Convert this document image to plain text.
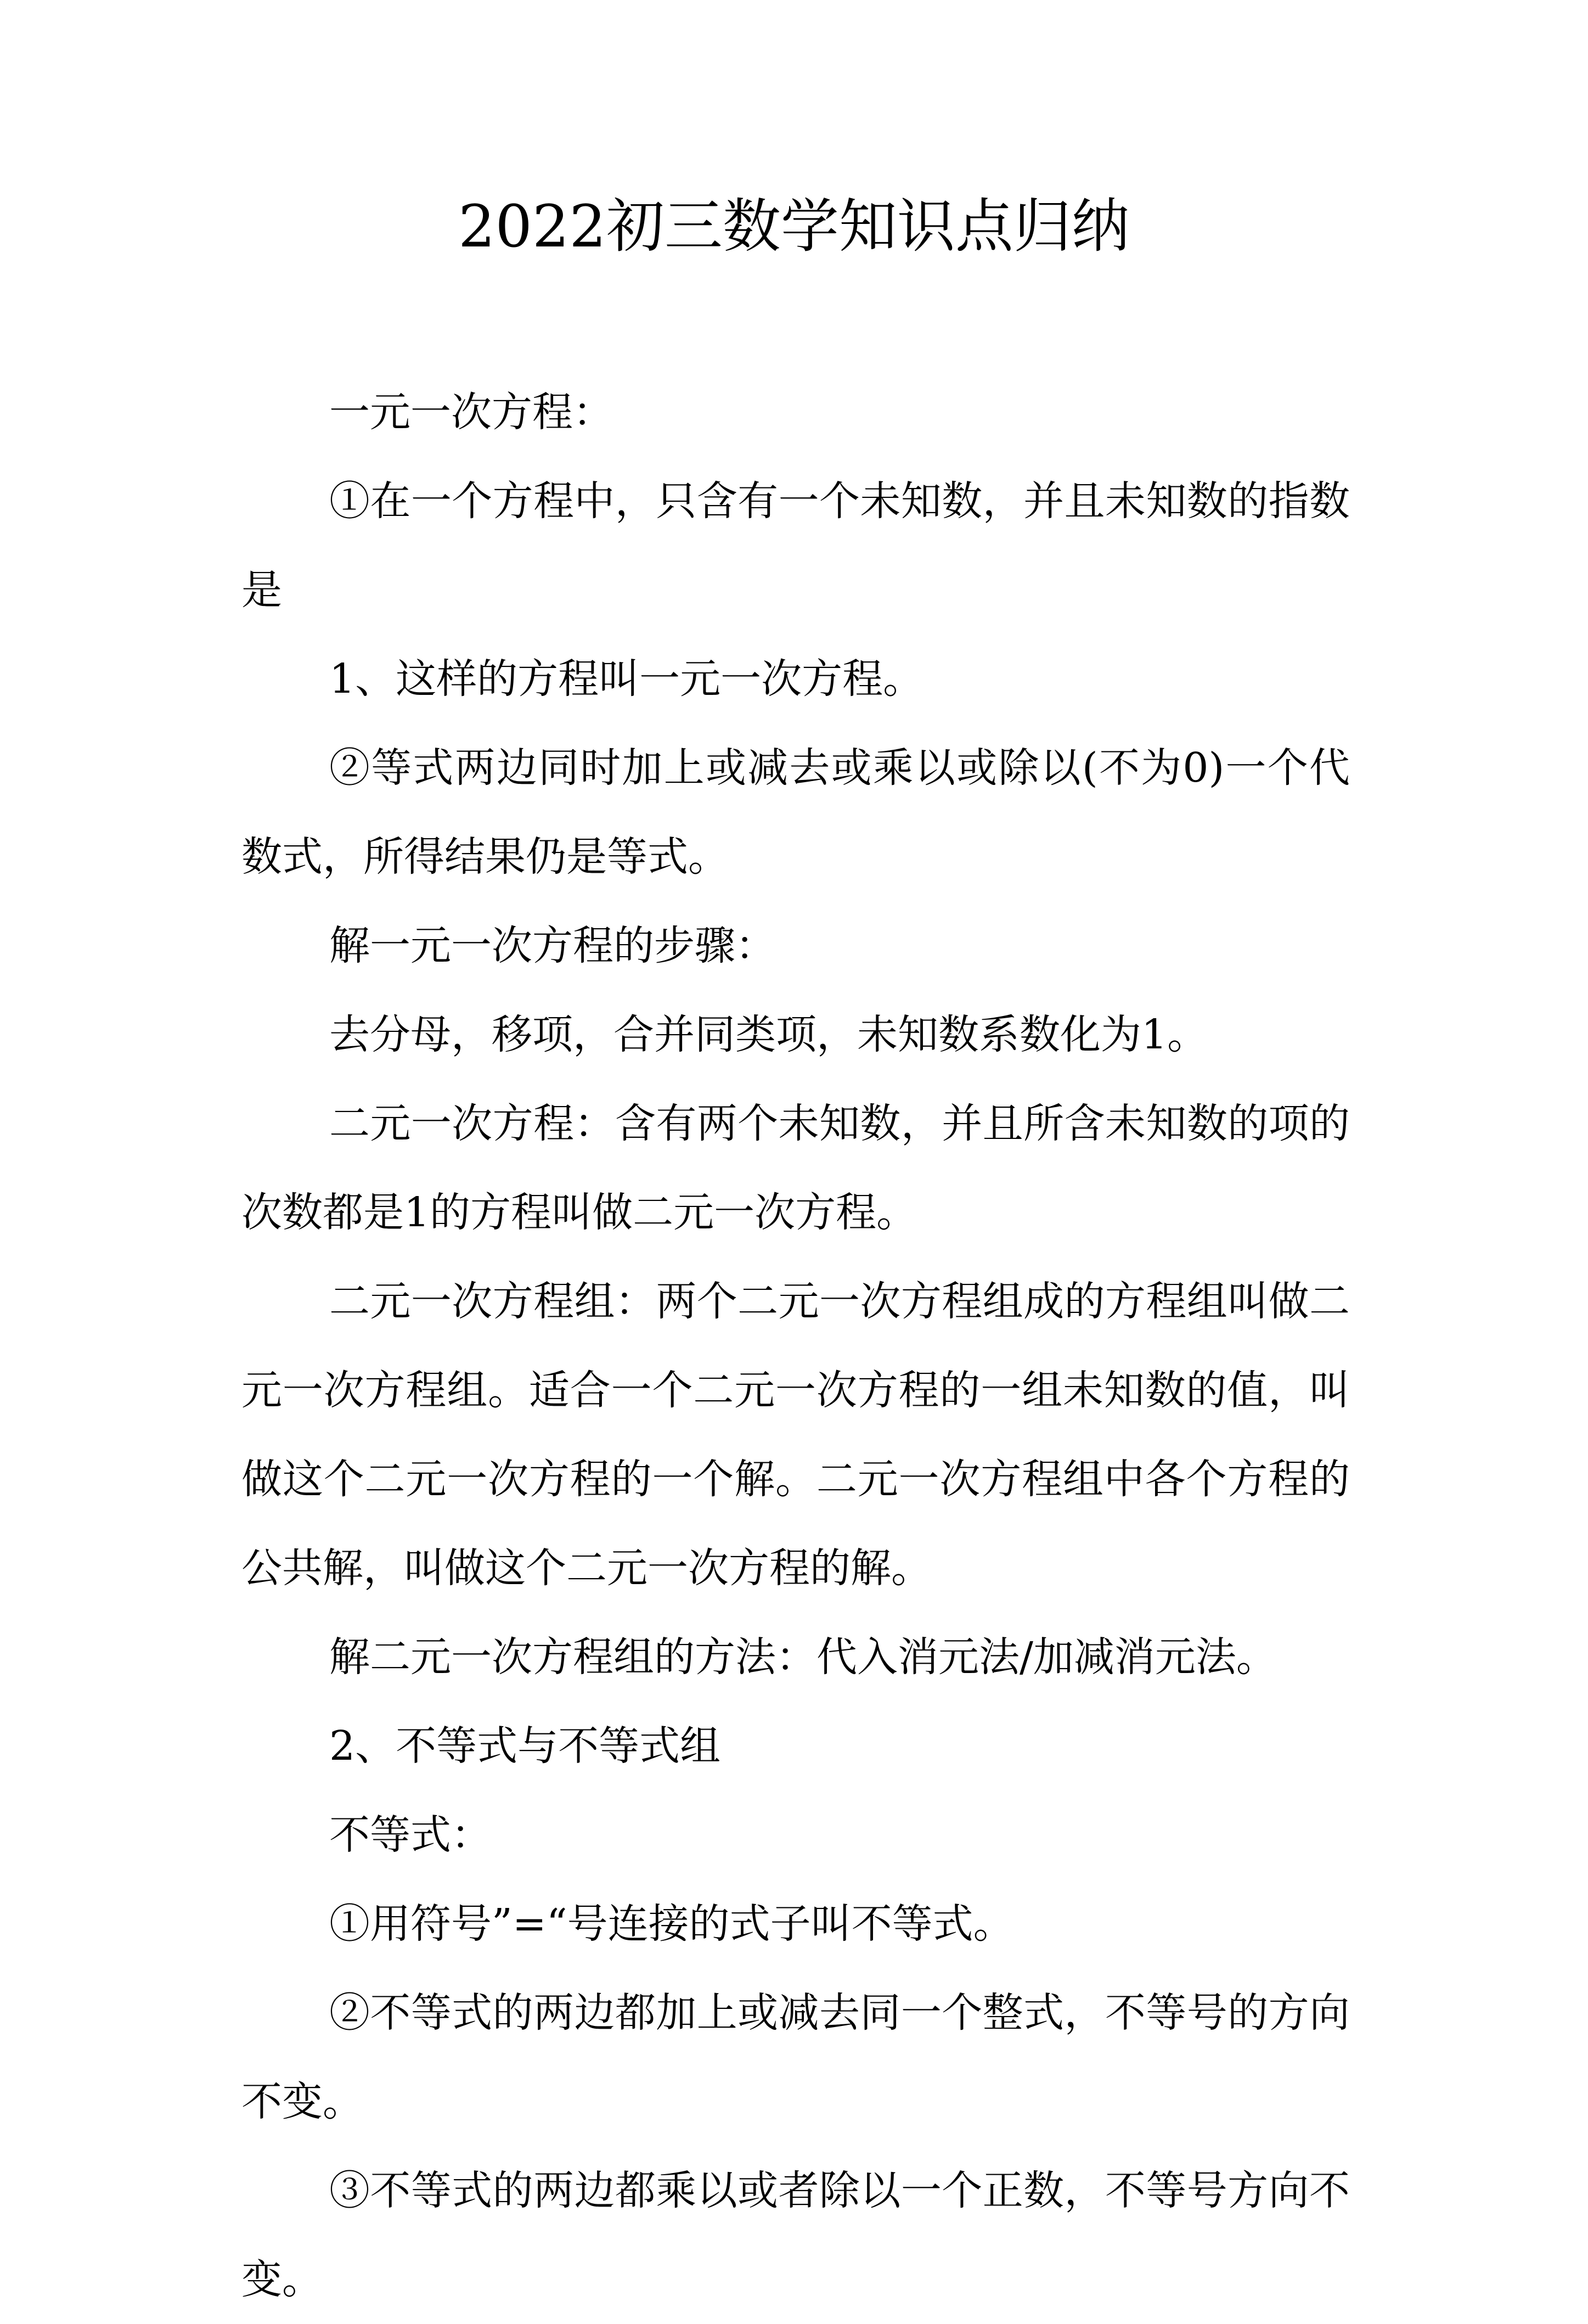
2022初三数学知识点归纳

一元一次方程：

①在一个方程中，只含有一个未知数，并且未知数的指数是

1、这样的方程叫一元一次方程。

②等式两边同时加上或减去或乘以或除以(不为0)一个代数式，所得结果仍是等式。

解一元一次方程的步骤：

去分母，移项，合并同类项，未知数系数化为1。

二元一次方程：含有两个未知数，并且所含未知数的项的次数都是1的方程叫做二元一次方程。

二元一次方程组：两个二元一次方程组成的方程组叫做二元一次方程组。适合一个二元一次方程的一组未知数的值，叫做这个二元一次方程的一个解。二元一次方程组中各个方程的公共解，叫做这个二元一次方程的解。

解二元一次方程组的方法：代入消元法/加减消元法。

2、不等式与不等式组

不等式：

①用符号”=“号连接的式子叫不等式。

②不等式的两边都加上或减去同一个整式，不等号的方向不变。

③不等式的两边都乘以或者除以一个正数，不等号方向不变。
